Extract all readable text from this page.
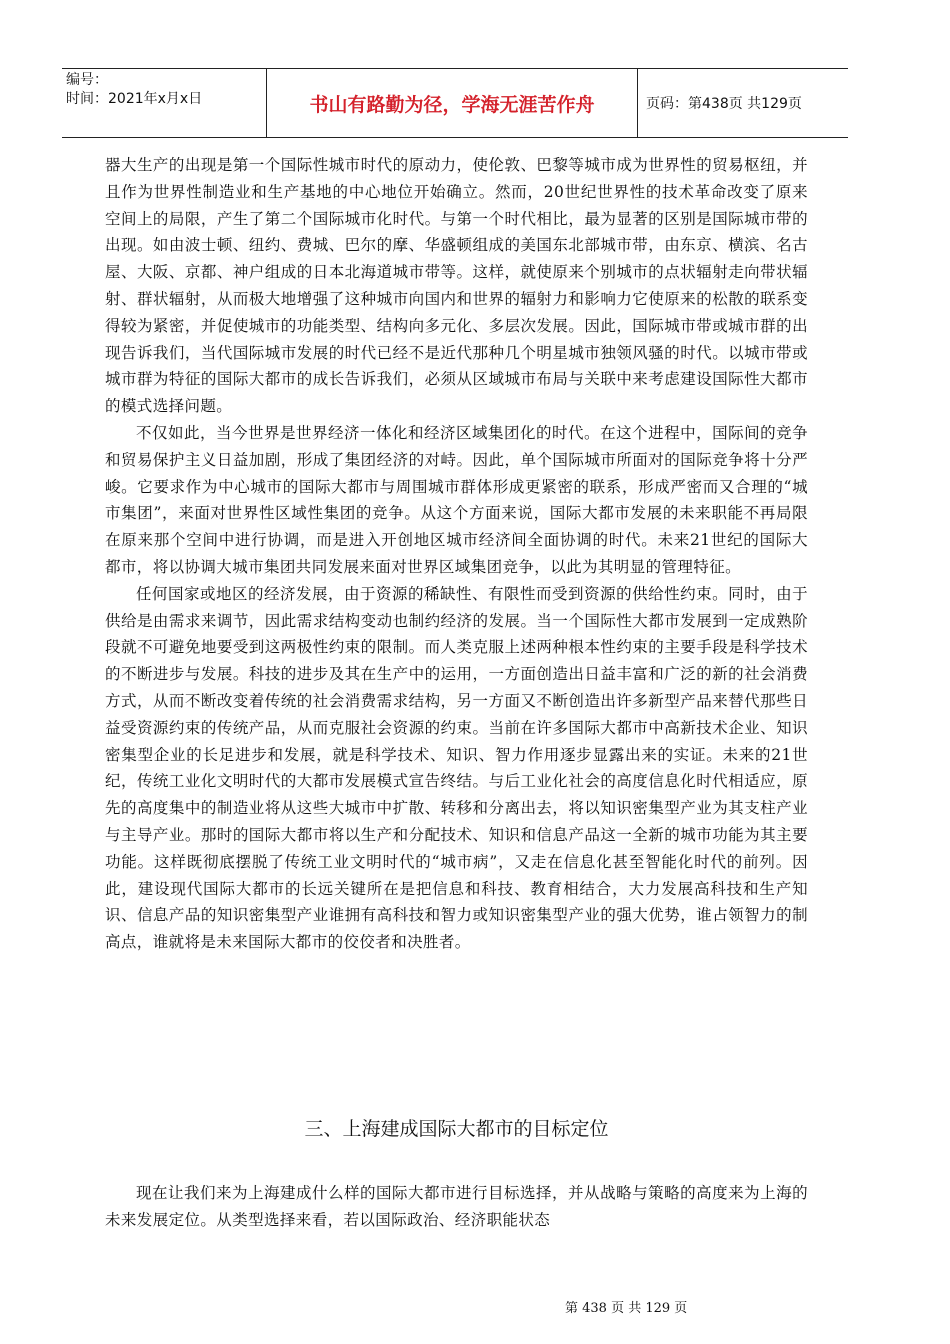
编号：
时间：2021年x月x日	书山有路勤为径，学海无涯苦作舟	页码：第438页 共129页

器大生产的出现是第一个国际性城市时代的原动力，使伦敦、巴黎等城市成为世界性的贸易枢纽，并且作为世界性制造业和生产基地的中心地位开始确立。然而，20世纪世界性的技术革命改变了原来空间上的局限，产生了第二个国际城市化时代。与第一个时代相比，最为显著的区别是国际城市带的出现。如由波士顿、纽约、费城、巴尔的摩、华盛顿组成的美国东北部城市带，由东京、横滨、名古屋、大阪、京都、神户组成的日本北海道城市带等。这样，就使原来个别城市的点状辐射走向带状辐射、群状辐射，从而极大地增强了这种城市向国内和世界的辐射力和影响力它使原来的松散的联系变得较为紧密，并促使城市的功能类型、结构向多元化、多层次发展。因此，国际城市带或城市群的出现告诉我们，当代国际城市发展的时代已经不是近代那种几个明星城市独领风骚的时代。以城市带或城市群为特征的国际大都市的成长告诉我们，必须从区域城市布局与关联中来考虑建设国际性大都市的模式选择问题。

不仅如此，当今世界是世界经济一体化和经济区域集团化的时代。在这个进程中，国际间的竞争和贸易保护主义日益加剧，形成了集团经济的对峙。因此，单个国际城市所面对的国际竞争将十分严峻。它要求作为中心城市的国际大都市与周围城市群体形成更紧密的联系，形成严密而又合理的“城市集团”，来面对世界性区域性集团的竞争。从这个方面来说，国际大都市发展的未来职能不再局限在原来那个空间中进行协调，而是进入开创地区城市经济间全面协调的时代。未来21世纪的国际大都市，将以协调大城市集团共同发展来面对世界区域集团竞争，以此为其明显的管理特征。

任何国家或地区的经济发展，由于资源的稀缺性、有限性而受到资源的供给性约束。同时，由于供给是由需求来调节，因此需求结构变动也制约经济的发展。当一个国际性大都市发展到一定成熟阶段就不可避免地要受到这两极性约束的限制。而人类克服上述两种根本性约束的主要手段是科学技术的不断进步与发展。科技的进步及其在生产中的运用，一方面创造出日益丰富和广泛的新的社会消费方式，从而不断改变着传统的社会消费需求结构，另一方面又不断创造出许多新型产品来替代那些日益受资源约束的传统产品，从而克服社会资源的约束。当前在许多国际大都市中高新技术企业、知识密集型企业的长足进步和发展，就是科学技术、知识、智力作用逐步显露出来的实证。未来的21世纪，传统工业化文明时代的大都市发展模式宣告终结。与后工业化社会的高度信息化时代相适应，原先的高度集中的制造业将从这些大城市中扩散、转移和分离出去，将以知识密集型产业为其支柱产业与主导产业。那时的国际大都市将以生产和分配技术、知识和信息产品这一全新的城市功能为其主要功能。这样既彻底摆脱了传统工业文明时代的“城市病”，又走在信息化甚至智能化时代的前列。因此，建设现代国际大都市的长远关键所在是把信息和科技、教育相结合，大力发展高科技和生产知识、信息产品的知识密集型产业谁拥有高科技和智力或知识密集型产业的强大优势，谁占领智力的制高点，谁就将是未来国际大都市的佼佼者和决胜者。

三、上海建成国际大都市的目标定位

现在让我们来为上海建成什么样的国际大都市进行目标选择，并从战略与策略的高度来为上海的未来发展定位。从类型选择来看，若以国际政治、经济职能状态

第 438 页 共 129 页
